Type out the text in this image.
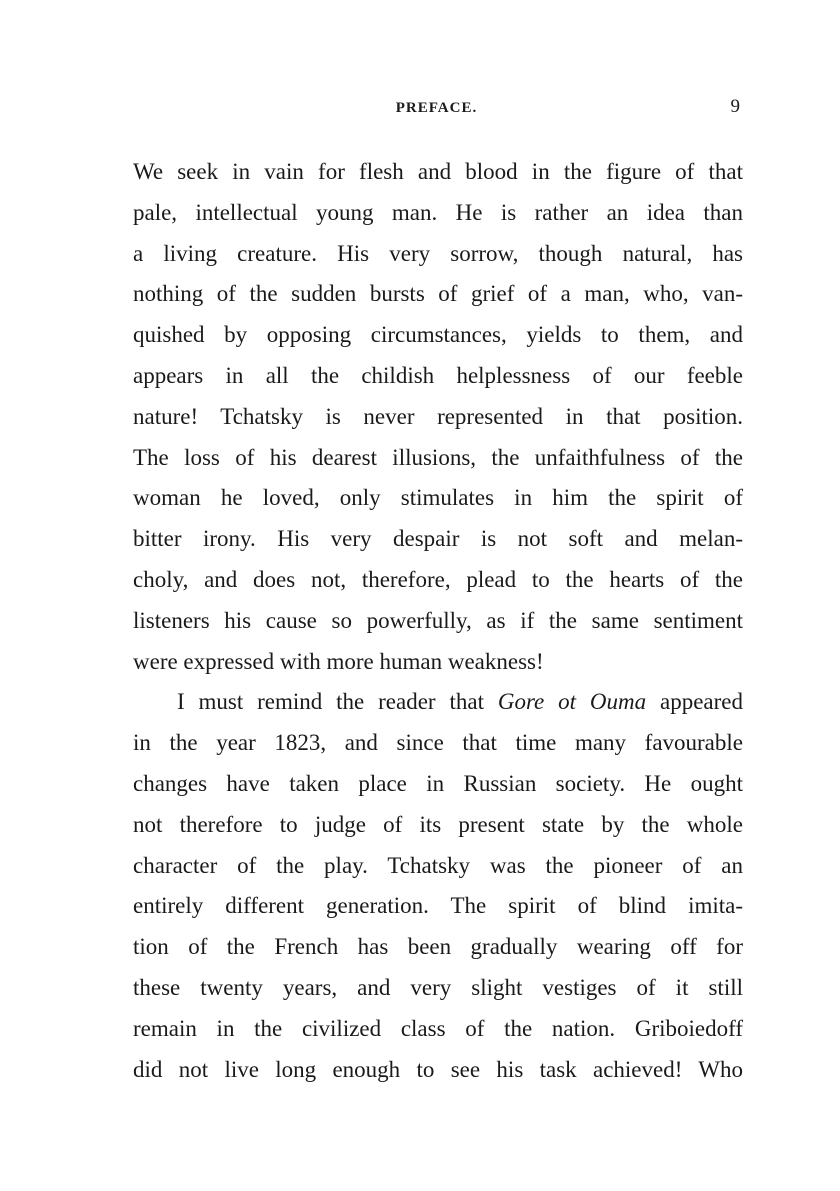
PREFACE.	9
We seek in vain for flesh and blood in the figure of that
pale, intellectual young man. He is rather an idea than
a living creature. His very sorrow, though natural, has
nothing of the sudden bursts of grief of a man, who, van-
quished by opposing circumstances, yields to them, and
appears in all the childish helplessness of our feeble
nature! Tchatsky is never represented in that position.
The loss of his dearest illusions, the unfaithfulness of the
woman he loved, only stimulates in him the spirit of
bitter irony. His very despair is not soft and melan-
choly, and does not, therefore, plead to the hearts of the
listeners his cause so powerfully, as if the same sentiment
were expressed with more human weakness!
I must remind the reader that Gore ot Ouma appeared
in the year 1823, and since that time many favourable
changes have taken place in Russian society. He ought
not therefore to judge of its present state by the whole
character of the play. Tchatsky was the pioneer of an
entirely different generation. The spirit of blind imita-
tion of the French has been gradually wearing off for
these twenty years, and very slight vestiges of it still
remain in the civilized class of the nation. Griboiedoff
did not live long enough to see his task achieved! Who
